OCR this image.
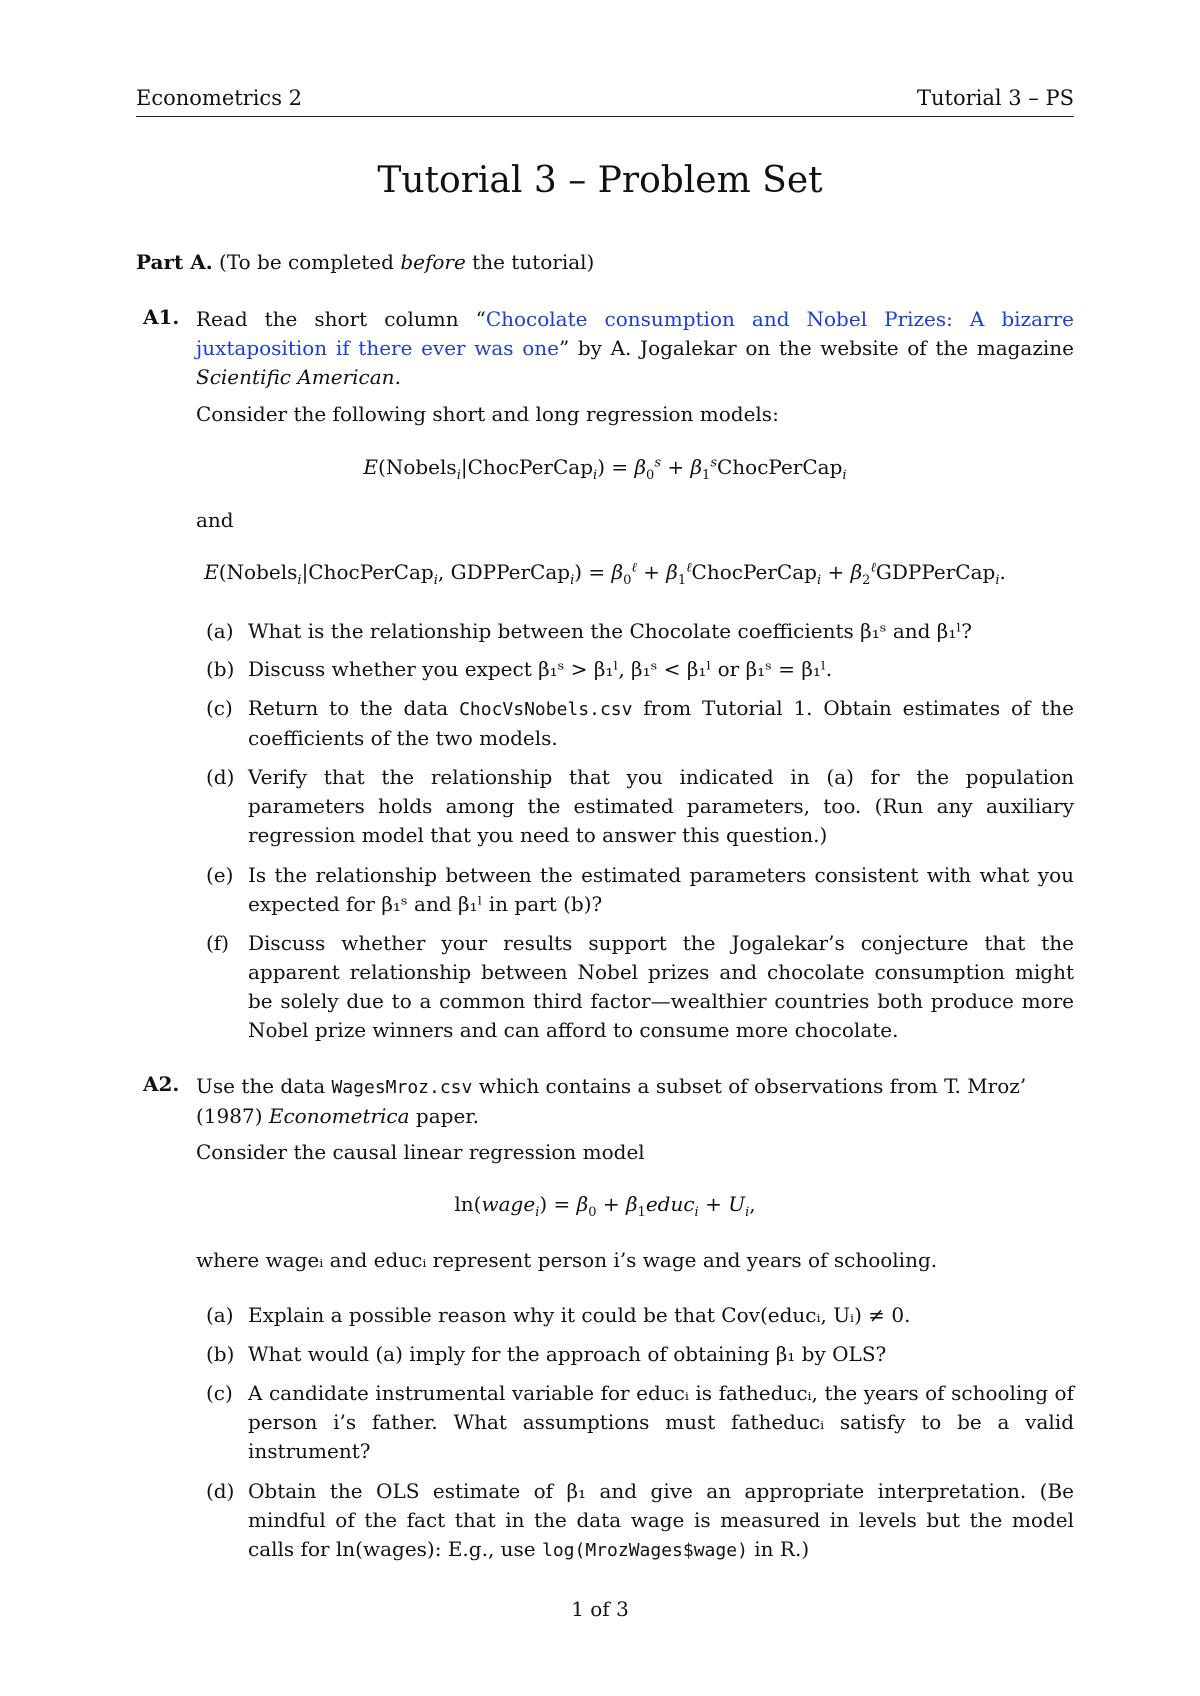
Econometrics 2	Tutorial 3 – PS
Tutorial 3 – Problem Set
Part A. (To be completed before the tutorial)
A1. Read the short column “Chocolate consumption and Nobel Prizes: A bizarre juxtaposition if there ever was one” by A. Jogalekar on the website of the magazine Scientific American.
Consider the following short and long regression models:
E(Nobels$_i$|ChocPerCap$_i$) = $\beta_0^s$ + $\beta_1^sChocPerCap_i$
and
E(Nobels$_i$|ChocPerCap$_i$, GDPPerCap$_i$) = $\beta_0^\ell$ + $\beta_1^\ell ChocPerCap_i$ + $\beta_2^\ell GDPPerCap_i$.
(a) What is the relationship between the Chocolate coefficients β₁ˢ and β₁ˡ?
(b) Discuss whether you expect β₁ˢ > β₁ˡ, β₁ˢ < β₁ˡ or β₁ˢ = β₁ˡ.
(c) Return to the data ChocVsNobels.csv from Tutorial 1. Obtain estimates of the coefficients of the two models.
(d) Verify that the relationship that you indicated in (a) for the population parameters holds among the estimated parameters, too. (Run any auxiliary regression model that you need to answer this question.)
(e) Is the relationship between the estimated parameters consistent with what you expected for β₁ˢ and β₁ˡ in part (b)?
(f) Discuss whether your results support the Jogalekar’s conjecture that the apparent relationship between Nobel prizes and chocolate consumption might be solely due to a common third factor—wealthier countries both produce more Nobel prize winners and can afford to consume more chocolate.
A2. Use the data WagesMroz.csv which contains a subset of observations from T. Mroz’ (1987) Econometrica paper.
Consider the causal linear regression model
ln(wage$_i$) = $\beta_0$ + $\beta_1educ_i + U_i$,
where wageᵢ and educᵢ represent person i’s wage and years of schooling.
(a) Explain a possible reason why it could be that Cov(educᵢ, Uᵢ) ≠ 0.
(b) What would (a) imply for the approach of obtaining β₁ by OLS?
(c) A candidate instrumental variable for educᵢ is fatheducᵢ, the years of schooling of person i’s father. What assumptions must fatheducᵢ satisfy to be a valid instrument?
(d) Obtain the OLS estimate of β₁ and give an appropriate interpretation. (Be mindful of the fact that in the data wage is measured in levels but the model calls for ln(wages): E.g., use log(MrozWages$wage) in R.)
1 of 3
